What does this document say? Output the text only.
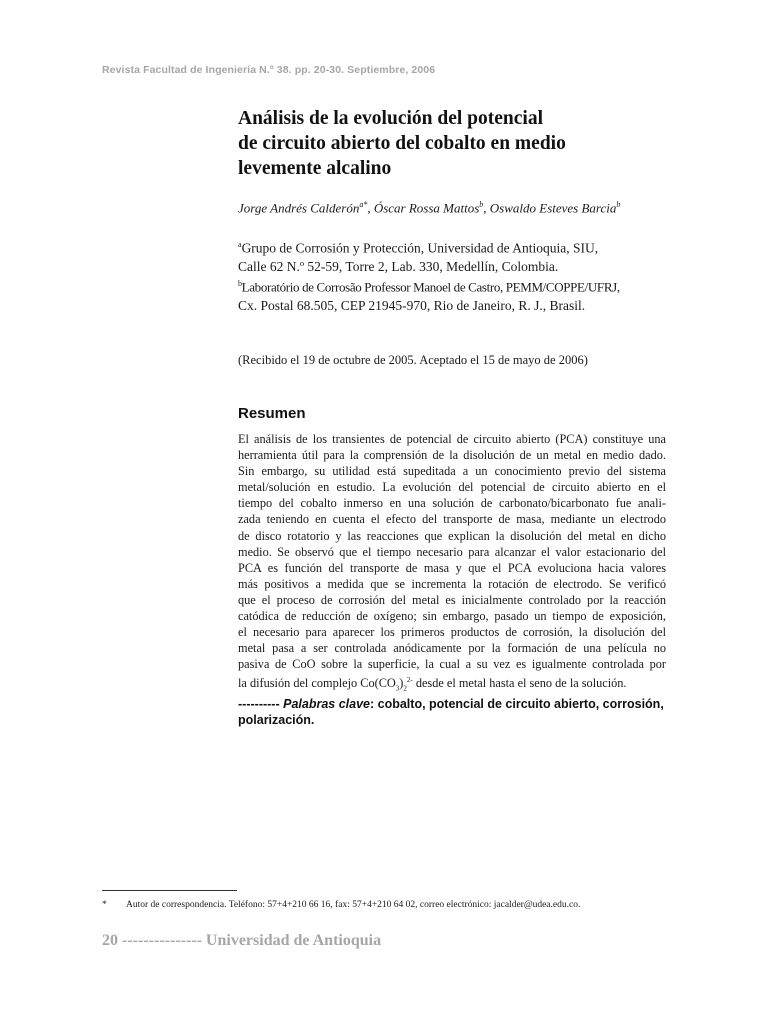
Revista Facultad de Ingeniería N.º 38. pp. 20-30. Septiembre, 2006
Análisis de la evolución del potencial
de circuito abierto del cobalto en medio
levemente alcalino
Jorge Andrés Calderón$^{a*}$, Óscar Rossa Mattos$^b$, Oswaldo Esteves Barcia$^b$

$^a$Grupo de Corrosión y Protección, Universidad de Antioquia, SIU,
Calle 62 N.º 52-59, Torre 2, Lab. 330, Medellín, Colombia.

$^b$Laboratório de Corrosão Professor Manoel de Castro, PEMM/COPPE/UFRJ,
Cx. Postal 68.505, CEP 21945-970, Rio de Janeiro, R. J., Brasil.

(Recibido el 19 de octubre de 2005. Aceptado el 15 de mayo de 2006)
Resumen

El análisis de los transientes de potencial de circuito abierto (PCA) constituye una
herramienta útil para la comprensión de la disolución de un metal en medio dado.
Sin embargo, su utilidad está supeditada a un conocimiento previo del sistema
metal/solución en estudio. La evolución del potencial de circuito abierto en el
tiempo del cobalto inmerso en una solución de carbonato/bicarbonato fue anali-
zada teniendo en cuenta el efecto del transporte de masa, mediante un electrodo
de disco rotatorio y las reacciones que explican la disolución del metal en dicho
medio. Se observó que el tiempo necesario para alcanzar el valor estacionario del
PCA es función del transporte de masa y que el PCA evoluciona hacia valores
más positivos a medida que se incrementa la rotación de electrodo. Se verificó
que el proceso de corrosión del metal es inicialmente controlado por la reacción
catódica de reducción de oxígeno; sin embargo, pasado un tiempo de exposición,
el necesario para aparecer los primeros productos de corrosión, la disolución del
metal pasa a ser controlada anódicamente por la formación de una película no
pasiva de CoO sobre la superficie, la cual a su vez es igualmente controlada por
la difusión del complejo $Co(CO_3)_2^{2-}$ desde el metal hasta el seno de la solución.

---------- Palabras clave: cobalto, potencial de circuito abierto, corrosión, polarización.

* Autor de correspondencia. Teléfono: 57+4+210 66 16, fax: 57+4+210 64 02, correo electrónico: jacalder@udea.edu.co.
20 --------------- Universidad de Antioquia
